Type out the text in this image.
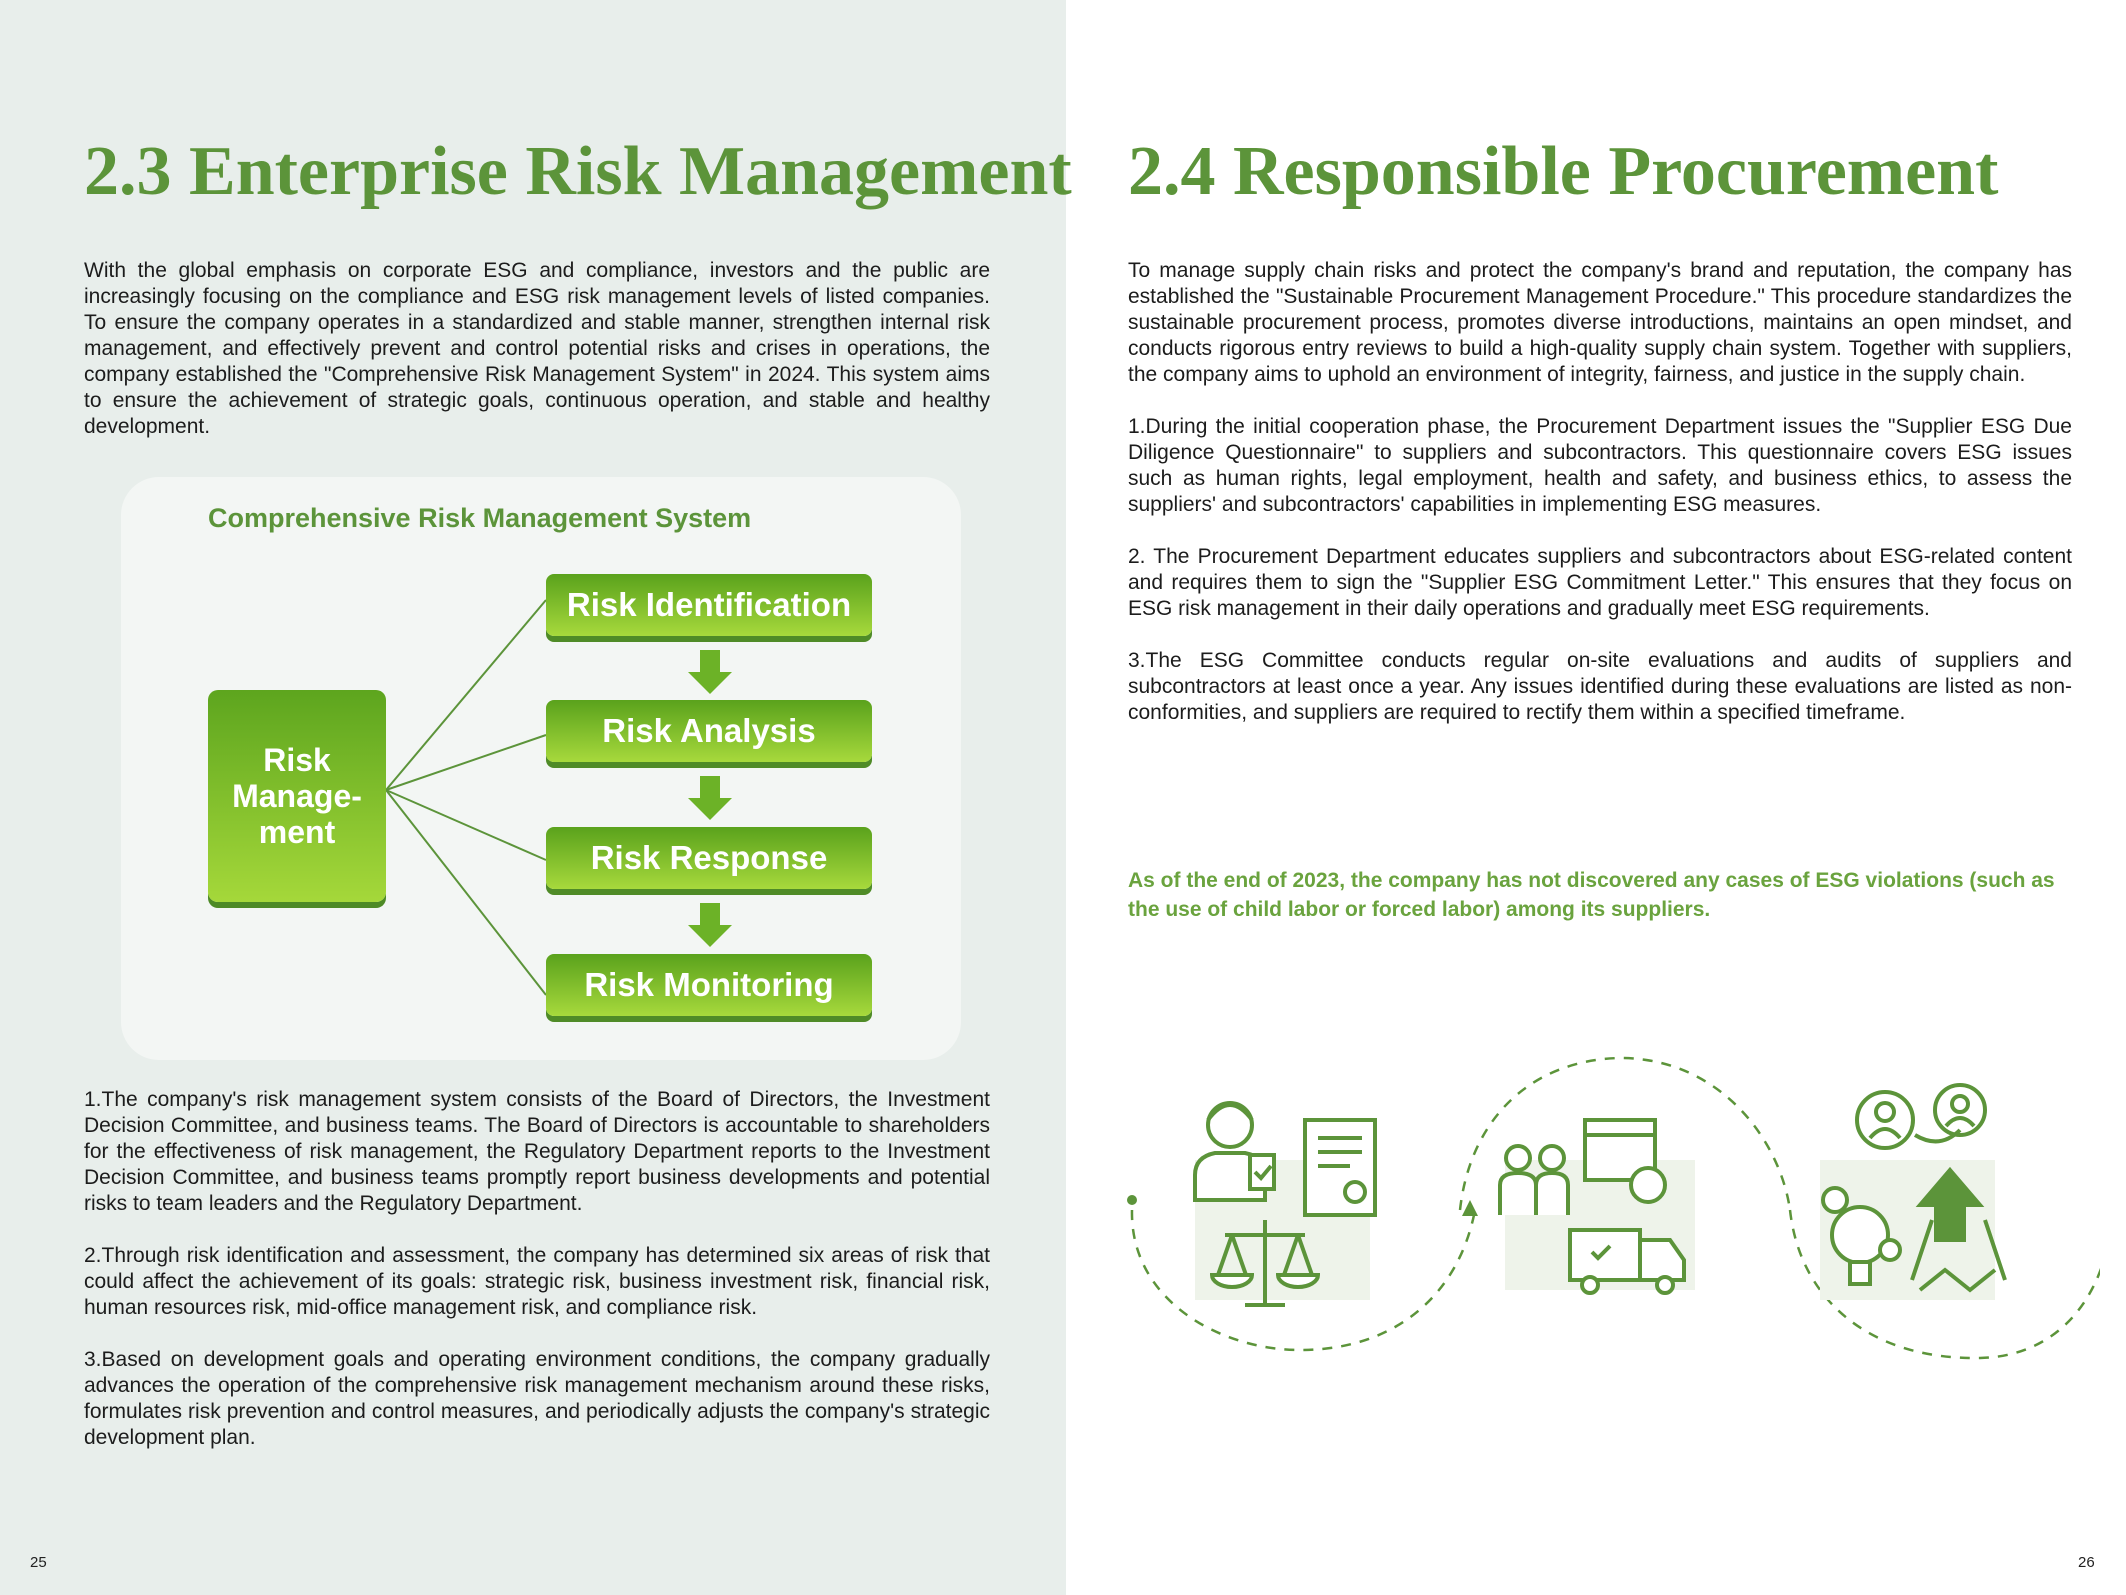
2.3 Enterprise Risk Management

With the global emphasis on corporate ESG and compliance, investors and the public are increasingly focusing on the compliance and ESG risk management levels of listed companies. To ensure the company operates in a standardized and stable manner, strengthen internal risk management, and effectively prevent and control potential risks and crises in operations, the company established the "Comprehensive Risk Management System" in 2024. This system aims to ensure the achievement of strategic goals, continuous operation, and stable and healthy development.

Comprehensive Risk Management System
Risk Manage-ment
Risk Identification
Risk Analysis
Risk Response
Risk Monitoring

1.The company's risk management system consists of the Board of Directors, the Investment Decision Committee, and business teams. The Board of Directors is accountable to shareholders for the effectiveness of risk management, the Regulatory Department reports to the Investment Decision Committee, and business teams promptly report business developments and potential risks to team leaders and the Regulatory Department.

2.Through risk identification and assessment, the company has determined six areas of risk that could affect the achievement of its goals: strategic risk, business investment risk, financial risk, human resources risk, mid-office management risk, and compliance risk.

3.Based on development goals and operating environment conditions, the company gradually advances the operation of the comprehensive risk management mechanism around these risks, formulates risk prevention and control measures, and periodically adjusts the company's strategic development plan.

25
2.4 Responsible Procurement

To manage supply chain risks and protect the company's brand and reputation, the company has established the "Sustainable Procurement Management Procedure." This procedure standardizes the sustainable procurement process, promotes diverse introductions, maintains an open mindset, and conducts rigorous entry reviews to build a high-quality supply chain system. Together with suppliers, the company aims to uphold an environment of integrity, fairness, and justice in the supply chain.

1.During the initial cooperation phase, the Procurement Department issues the "Supplier ESG Due Diligence Questionnaire" to suppliers and subcontractors. This questionnaire covers ESG issues such as human rights, legal employment, health and safety, and business ethics, to assess the suppliers' and subcontractors' capabilities in implementing ESG measures.

2. The Procurement Department educates suppliers and subcontractors about ESG-related content and requires them to sign the "Supplier ESG Commitment Letter." This ensures that they focus on ESG risk management in their daily operations and gradually meet ESG requirements.

3.The ESG Committee conducts regular on-site evaluations and audits of suppliers and subcontractors at least once a year. Any issues identified during these evaluations are listed as non-conformities, and suppliers are required to rectify them within a specified timeframe.

As of the end of 2023, the company has not discovered any cases of ESG violations (such as the use of child labor or forced labor) among its suppliers.

26
